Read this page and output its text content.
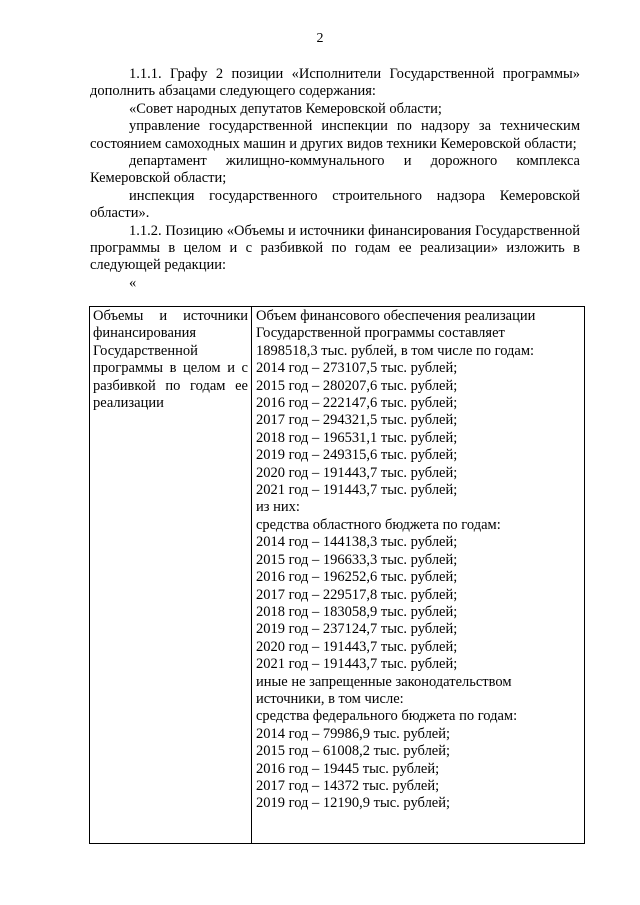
2

1.1.1. Графу 2 позиции «Исполнители Государственной программы» дополнить абзацами следующего содержания:

«Совет народных депутатов Кемеровской области;

управление государственной инспекции по надзору за техническим состоянием самоходных машин и других видов техники Кемеровской области;

департамент жилищно-коммунального и дорожного комплекса Кемеровской области;

инспекция государственного строительного надзора Кемеровской области».

1.1.2. Позицию «Объемы и источники финансирования Государственной программы в целом и с разбивкой по годам ее реализации» изложить в следующей редакции:

«

Объемы и источники финансирования Государственной программы в целом и с разбивкой по годам ее реализации
Объем финансового обеспечения реализации
Государственной программы составляет
1898518,3 тыс. рублей, в том числе по годам:
2014 год – 273107,5 тыс. рублей;
2015 год – 280207,6 тыс. рублей;
2016 год – 222147,6 тыс. рублей;
2017 год – 294321,5 тыс. рублей;
2018 год – 196531,1 тыс. рублей;
2019 год – 249315,6 тыс. рублей;
2020 год – 191443,7 тыс. рублей;
2021 год – 191443,7 тыс. рублей;
из них:
средства областного бюджета по годам:
2014 год – 144138,3 тыс. рублей;
2015 год – 196633,3 тыс. рублей;
2016 год – 196252,6 тыс. рублей;
2017 год – 229517,8 тыс. рублей;
2018 год – 183058,9 тыс. рублей;
2019 год – 237124,7 тыс. рублей;
2020 год – 191443,7 тыс. рублей;
2021 год – 191443,7 тыс. рублей;
иные не запрещенные законодательством
источники, в том числе:
средства федерального бюджета по годам:
2014 год – 79986,9 тыс. рублей;
2015 год – 61008,2 тыс. рублей;
2016 год – 19445 тыс. рублей;
2017 год – 14372 тыс. рублей;
2019 год – 12190,9 тыс. рублей;
